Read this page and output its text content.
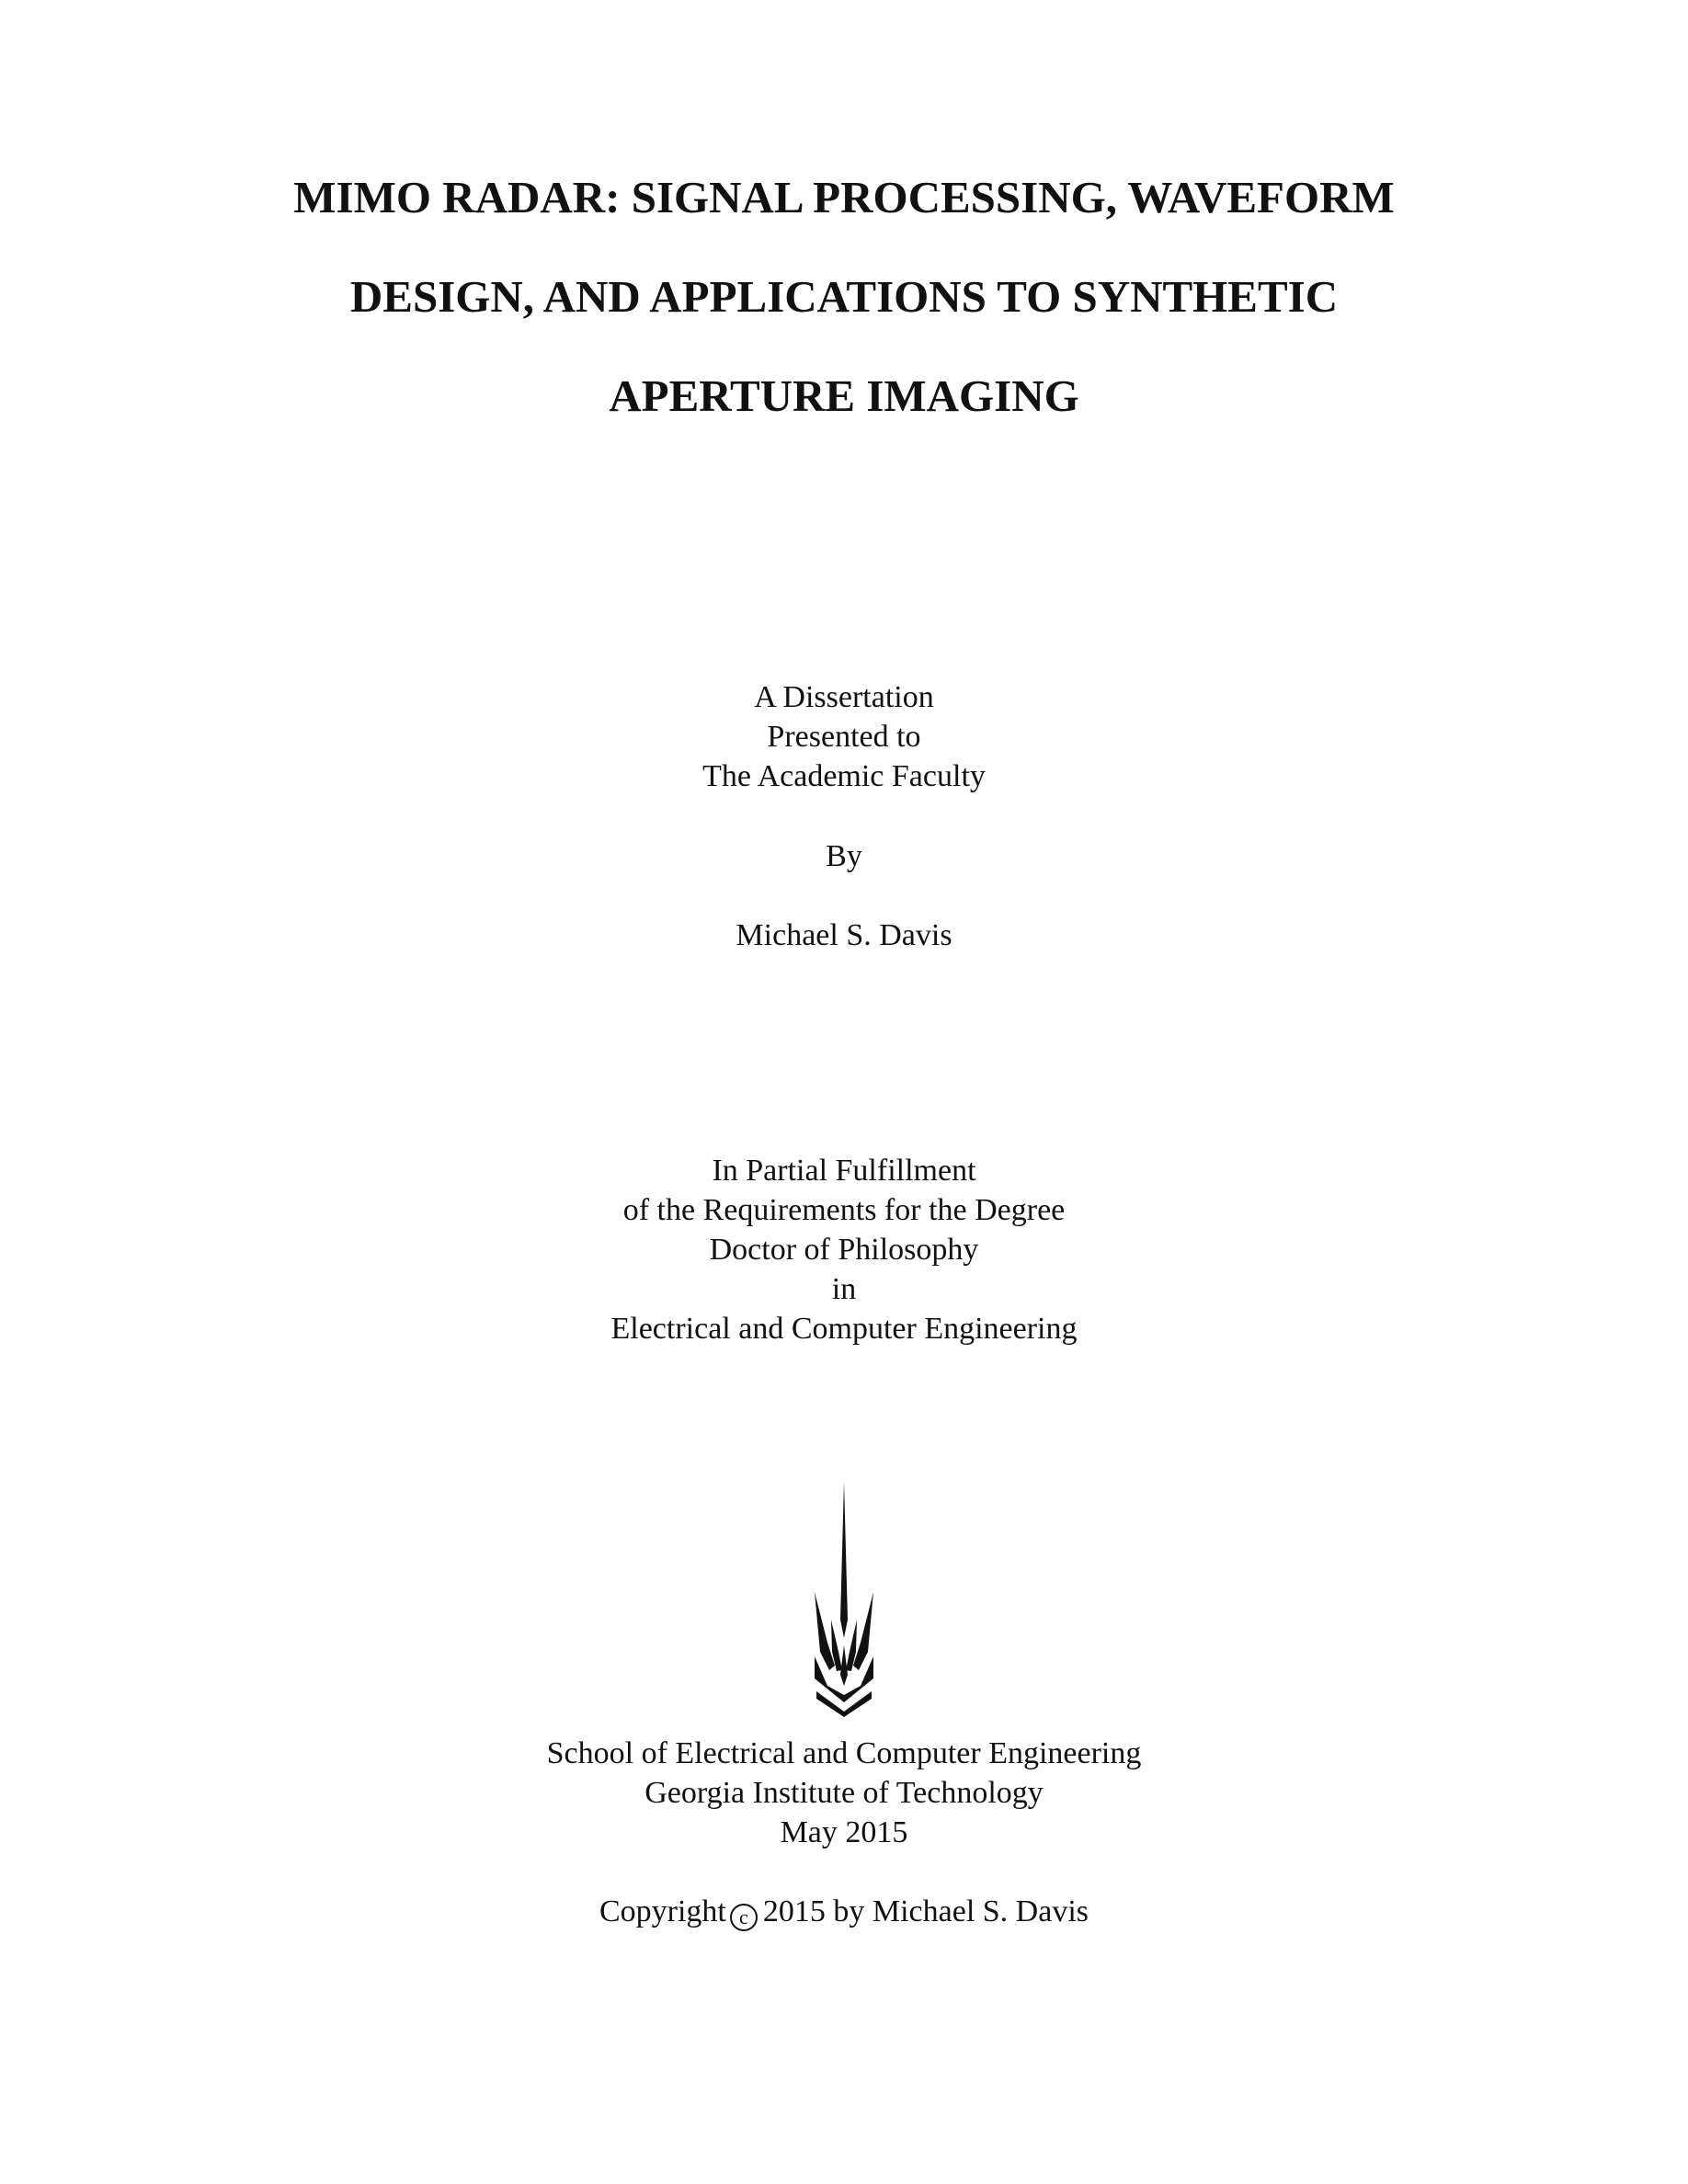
MIMO RADAR: SIGNAL PROCESSING, WAVEFORM
DESIGN, AND APPLICATIONS TO SYNTHETIC
APERTURE IMAGING
A Dissertation
Presented to
The Academic Faculty
By
Michael S. Davis
In Partial Fulfillment
of the Requirements for the Degree
Doctor of Philosophy
in
Electrical and Computer Engineering
School of Electrical and Computer Engineering
Georgia Institute of Technology
May 2015
Copyright c 2015 by Michael S. Davis
